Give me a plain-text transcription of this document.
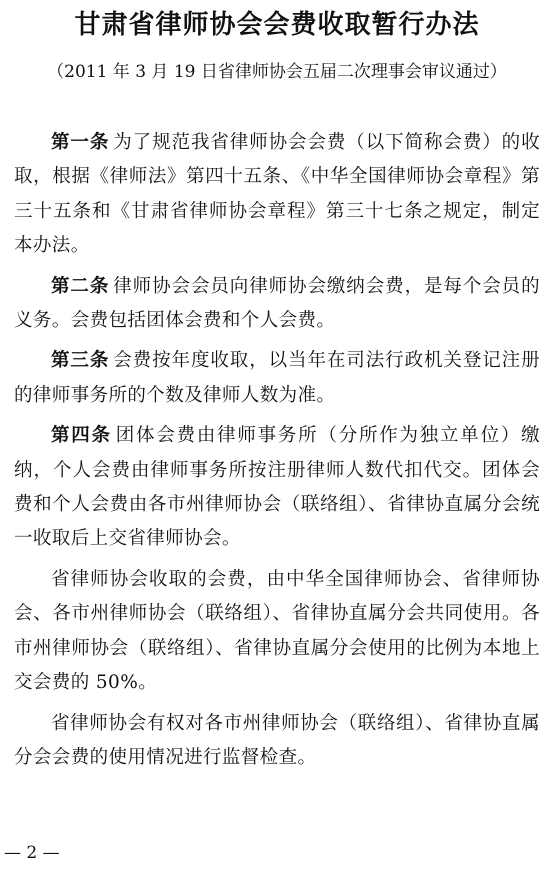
甘肃省律师协会会费收取暂行办法
（2011 年 3 月 19 日省律师协会五届二次理事会审议通过）

第一条 为了规范我省律师协会会费（以下简称会费）的收取，根据《律师法》第四十五条、《中华全国律师协会章程》第三十五条和《甘肃省律师协会章程》第三十七条之规定，制定本办法。

第二条 律师协会会员向律师协会缴纳会费，是每个会员的义务。会费包括团体会费和个人会费。

第三条 会费按年度收取，以当年在司法行政机关登记注册的律师事务所的个数及律师人数为准。

第四条 团体会费由律师事务所（分所作为独立单位）缴纳，个人会费由律师事务所按注册律师人数代扣代交。团体会费和个人会费由各市州律师协会（联络组）、省律协直属分会统一收取后上交省律师协会。

省律师协会收取的会费，由中华全国律师协会、省律师协会、各市州律师协会（联络组）、省律协直属分会共同使用。各市州律师协会（联络组）、省律协直属分会使用的比例为本地上交会费的 50%。

省律师协会有权对各市州律师协会（联络组）、省律协直属分会会费的使用情况进行监督检查。

— 2 —
